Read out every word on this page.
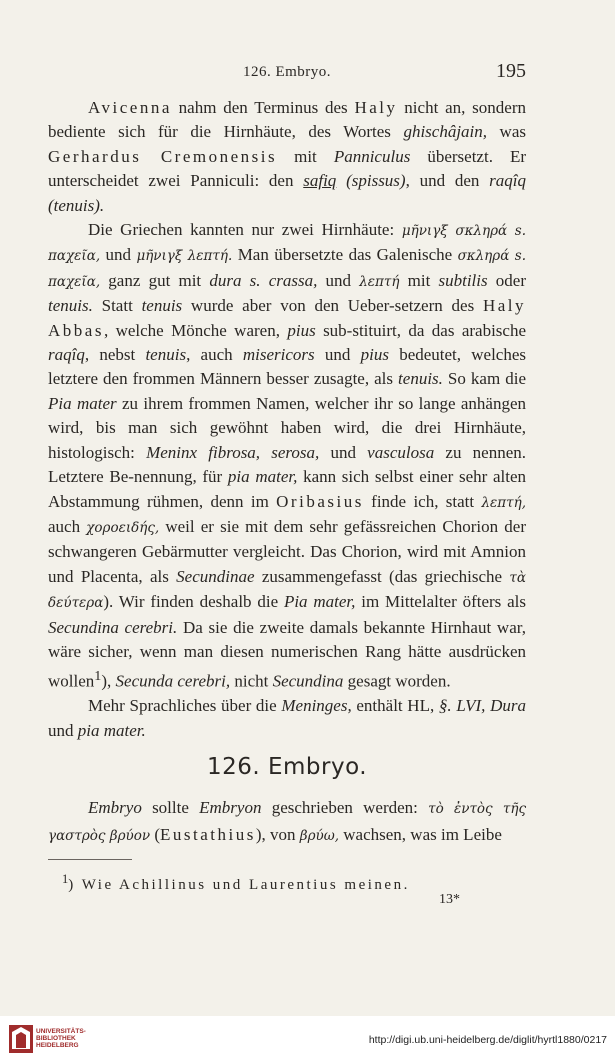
126. Embryo.	195

Avicenna nahm den Terminus des Haly nicht an, sondern bediente sich für die Hirnhäute, des Wortes ghischâjain, was Gerhardus Cremonensis mit Panniculus übersetzt. Er unterscheidet zwei Panniculi: den safiq (spissus), und den raqîq (tenuis).

Die Griechen kannten nur zwei Hirnhäute: μῆνιγξ σκληρά s. παχεῖα, und μῆνιγξ λεπτή. Man übersetzte das Galenische σκληρά s. παχεῖα, ganz gut mit dura s. crassa, und λεπτή mit subtilis oder tenuis. Statt tenuis wurde aber von den Ueber-setzern des Haly Abbas, welche Mönche waren, pius sub-stituirt, da das arabische raqîq, nebst tenuis, auch misericors und pius bedeutet, welches letztere den frommen Männern besser zusagte, als tenuis. So kam die Pia mater zu ihrem frommen Namen, welcher ihr so lange anhängen wird, bis man sich gewöhnt haben wird, die drei Hirnhäute, histologisch: Meninx fibrosa, serosa, und vasculosa zu nennen. Letztere Be-nennung, für pia mater, kann sich selbst einer sehr alten Abstammung rühmen, denn im Oribasius finde ich, statt λεπτή, auch χοροειδής, weil er sie mit dem sehr gefässreichen Chorion der schwangeren Gebärmutter vergleicht. Das Chorion, wird mit Amnion und Placenta, als Secundinae zusammengefasst (das griechische τὰ δεύτερα). Wir finden deshalb die Pia mater, im Mittelalter öfters als Secundina cerebri. Da sie die zweite damals bekannte Hirnhaut war, wäre sicher, wenn man diesen numerischen Rang hätte ausdrücken wollen$^1$), Secunda cerebri, nicht Secundina gesagt worden.

Mehr Sprachliches über die Meninges, enthält HL, §. LVI, Dura und pia mater.

126. Embryo.

Embryo sollte Embryon geschrieben werden: τὸ ἐντὸς τῆς γαστρὸς βρύον (Eustathius), von βρύω, wachsen, was im Leibe

$^1$) Wie Achillinus und Laurentius meinen.
13*
UNIVERSITÄTS-
BIBLIOTHEK
HEIDELBERG	http://digi.ub.uni-heidelberg.de/diglit/hyrtl1880/0217
